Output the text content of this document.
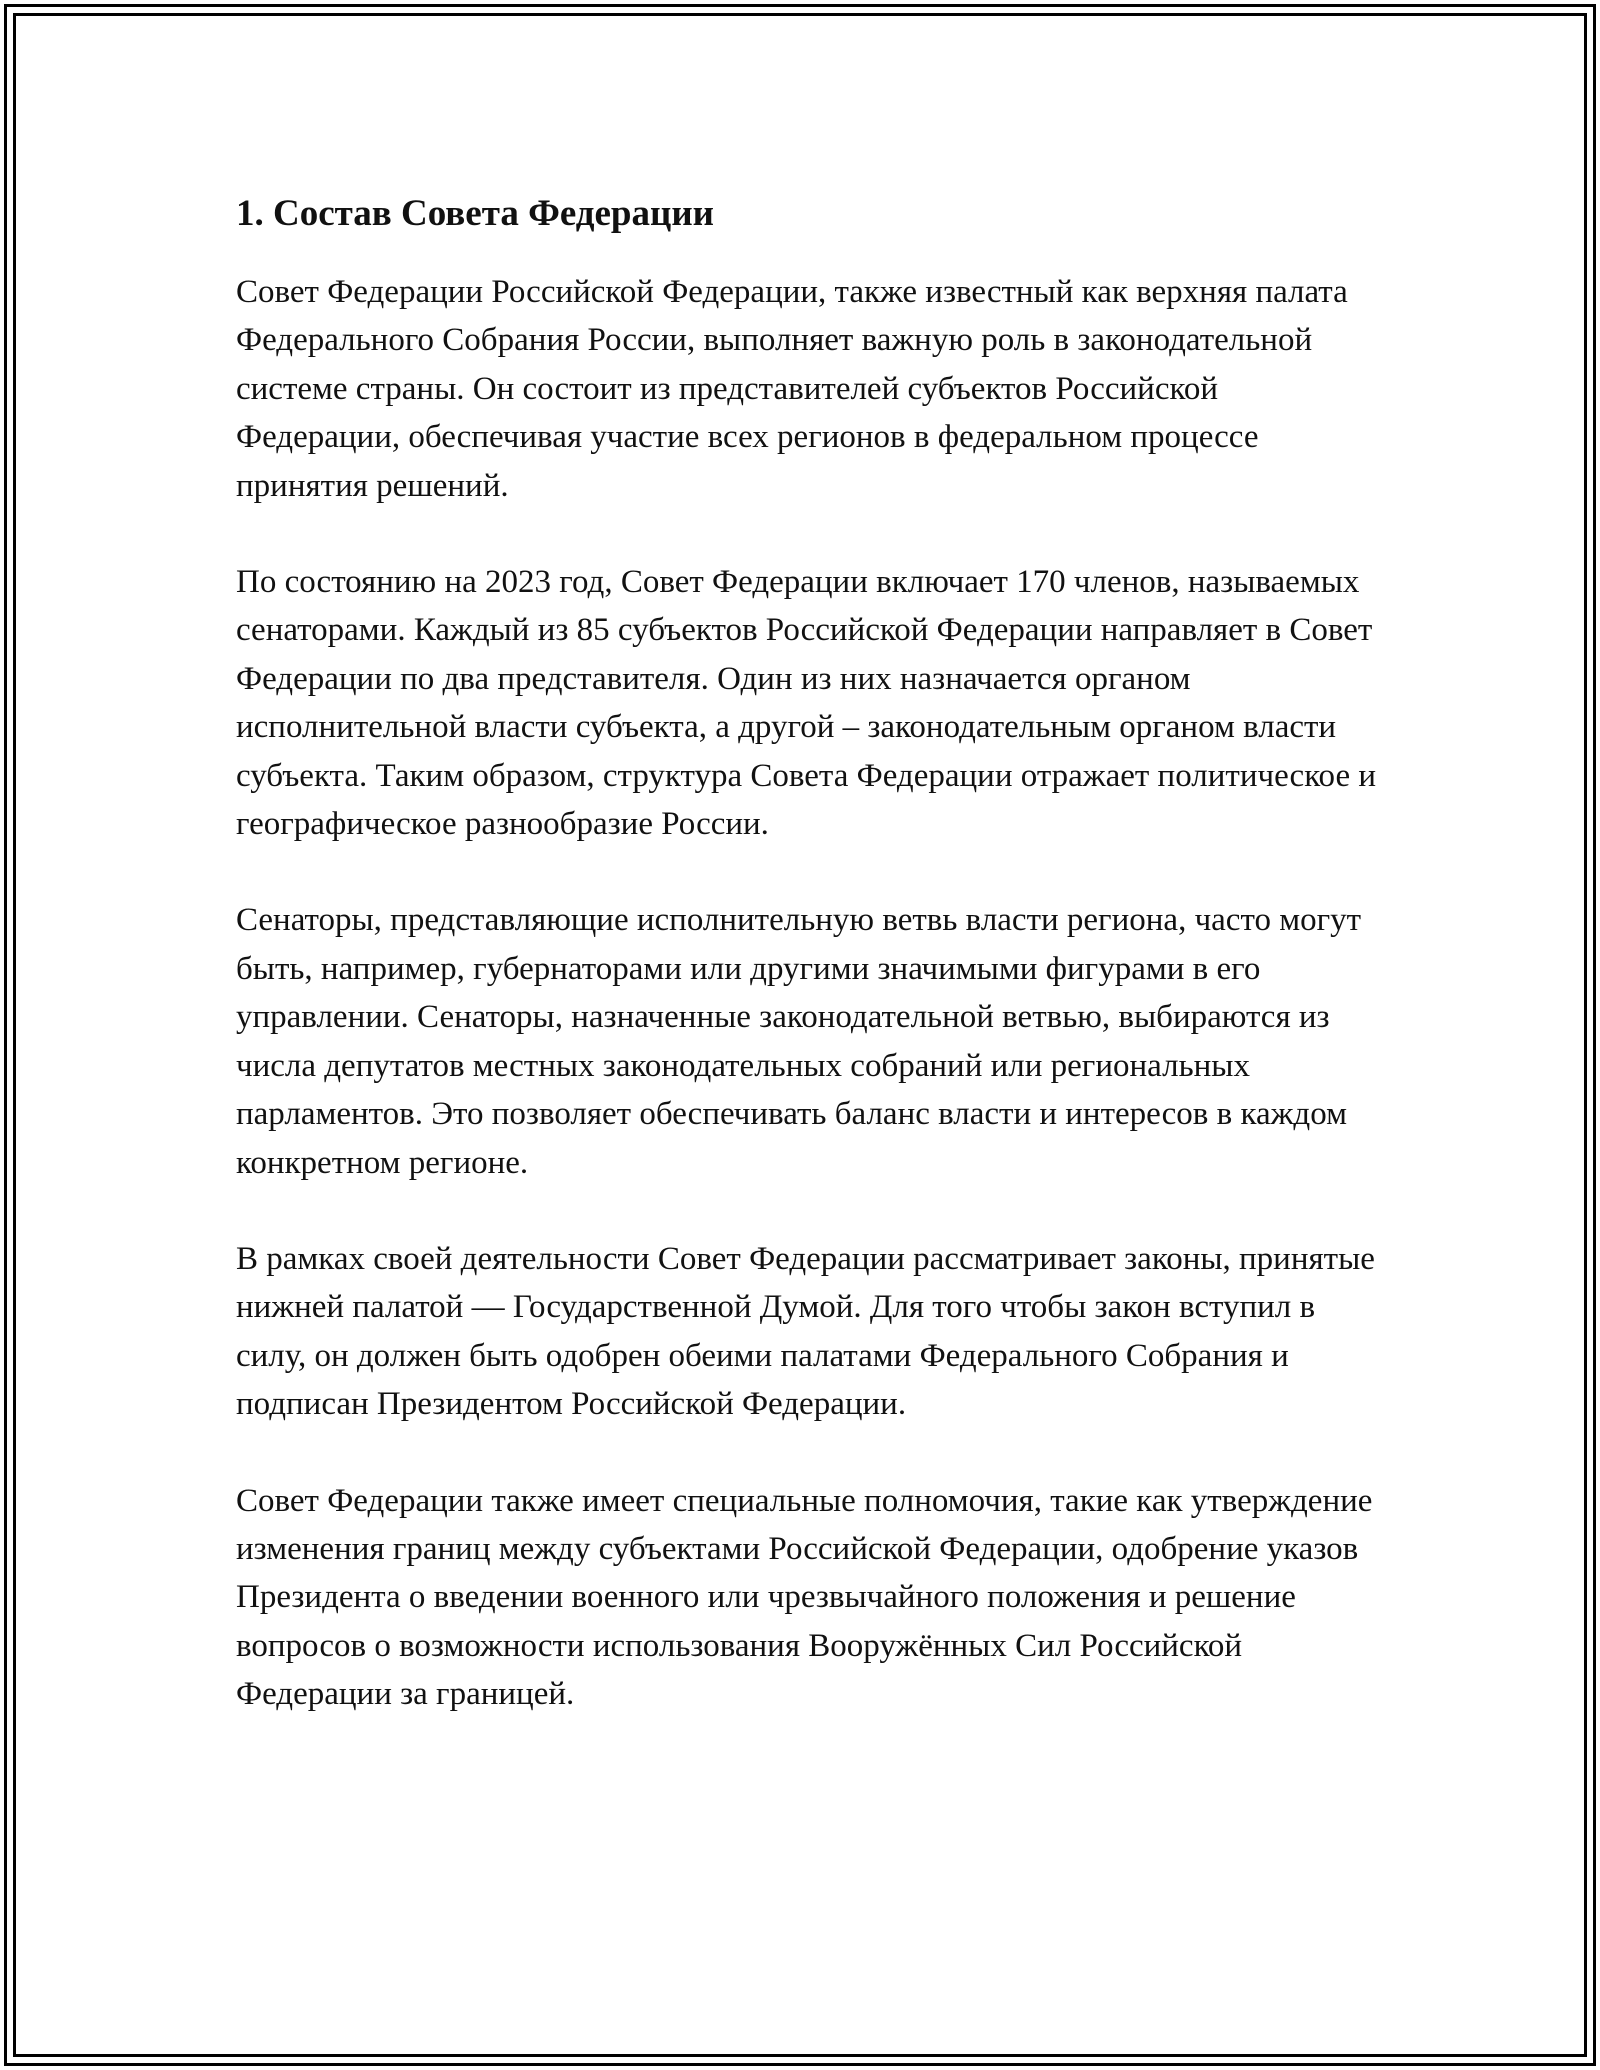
1. Состав Совета Федерации

Совет Федерации Российской Федерации, также известный как верхняя палата Федерального Собрания России, выполняет важную роль в законодательной системе страны. Он состоит из представителей субъектов Российской Федерации, обеспечивая участие всех регионов в федеральном процессе принятия решений.

По состоянию на 2023 год, Совет Федерации включает 170 членов, называемых сенаторами. Каждый из 85 субъектов Российской Федерации направляет в Совет Федерации по два представителя. Один из них назначается органом исполнительной власти субъекта, а другой – законодательным органом власти субъекта. Таким образом, структура Совета Федерации отражает политическое и географическое разнообразие России.

Сенаторы, представляющие исполнительную ветвь власти региона, часто могут быть, например, губернаторами или другими значимыми фигурами в его управлении. Сенаторы, назначенные законодательной ветвью, выбираются из числа депутатов местных законодательных собраний или региональных парламентов. Это позволяет обеспечивать баланс власти и интересов в каждом конкретном регионе.

В рамках своей деятельности Совет Федерации рассматривает законы, принятые нижней палатой — Государственной Думой. Для того чтобы закон вступил в силу, он должен быть одобрен обеими палатами Федерального Собрания и подписан Президентом Российской Федерации.

Совет Федерации также имеет специальные полномочия, такие как утверждение изменения границ между субъектами Российской Федерации, одобрение указов Президента о введении военного или чрезвычайного положения и решение вопросов о возможности использования Вооружённых Сил Российской Федерации за границей.
